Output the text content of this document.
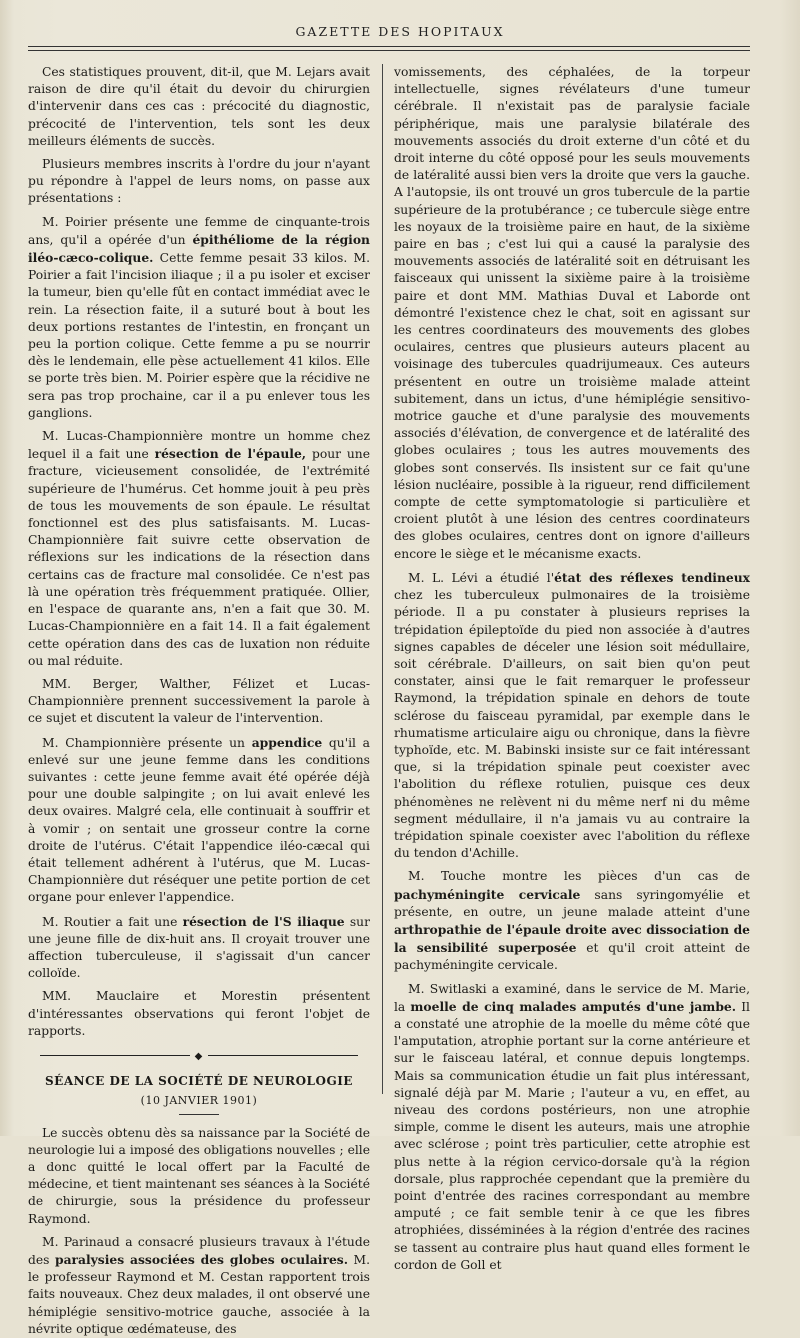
GAZETTE DES HOPITAUX

Ces statistiques prouvent, dit-il, que M. Lejars avait raison de dire qu'il était du devoir du chirurgien d'intervenir dans ces cas : précocité du diagnostic, précocité de l'intervention, tels sont les deux meilleurs éléments de succès.

Plusieurs membres inscrits à l'ordre du jour n'ayant pu répondre à l'appel de leurs noms, on passe aux présentations :

M. Poirier présente une femme de cinquante-trois ans, qu'il a opérée d'un épithéliome de la région iléo-cæco-colique. Cette femme pesait 33 kilos. M. Poirier a fait l'incision iliaque ; il a pu isoler et exciser la tumeur, bien qu'elle fût en contact immédiat avec le rein. La résection faite, il a suturé bout à bout les deux portions restantes de l'intestin, en fronçant un peu la portion colique. Cette femme a pu se nourrir dès le lendemain, elle pèse actuellement 41 kilos. Elle se porte très bien. M. Poirier espère que la récidive ne sera pas trop prochaine, car il a pu enlever tous les ganglions.

M. Lucas-Championnière montre un homme chez lequel il a fait une résection de l'épaule, pour une fracture, vicieusement consolidée, de l'extrémité supérieure de l'humérus. Cet homme jouit à peu près de tous les mouvements de son épaule. Le résultat fonctionnel est des plus satisfaisants. M. Lucas-Championnière fait suivre cette observation de réflexions sur les indications de la résection dans certains cas de fracture mal consolidée. Ce n'est pas là une opération très fréquemment pratiquée. Ollier, en l'espace de quarante ans, n'en a fait que 30. M. Lucas-Championnière en a fait 14. Il a fait également cette opération dans des cas de luxation non réduite ou mal réduite.

MM. Berger, Walther, Félizet et Lucas-Championnière prennent successivement la parole à ce sujet et discutent la valeur de l'intervention.

M. Championnière présente un appendice qu'il a enlevé sur une jeune femme dans les conditions suivantes : cette jeune femme avait été opérée déjà pour une double salpingite ; on lui avait enlevé les deux ovaires. Malgré cela, elle continuait à souffrir et à vomir ; on sentait une grosseur contre la corne droite de l'utérus. C'était l'appendice iléo-cæcal qui était tellement adhérent à l'utérus, que M. Lucas-Championnière dut réséquer une petite portion de cet organe pour enlever l'appendice.

M. Routier a fait une résection de l'S iliaque sur une jeune fille de dix-huit ans. Il croyait trouver une affection tuberculeuse, il s'agissait d'un cancer colloïde.

MM. Mauclaire et Morestin présentent d'intéressantes observations qui feront l'objet de rapports.

◆
SÉANCE DE LA SOCIÉTÉ DE NEUROLOGIE
(10 JANVIER 1901)

Le succès obtenu dès sa naissance par la Société de neurologie lui a imposé des obligations nouvelles ; elle a donc quitté le local offert par la Faculté de médecine, et tient maintenant ses séances à la Société de chirurgie, sous la présidence du professeur Raymond.

M. Parinaud a consacré plusieurs travaux à l'étude des paralysies associées des globes oculaires. M. le professeur Raymond et M. Cestan rapportent trois faits nouveaux. Chez deux malades, il ont observé une hémiplégie sensitivo-motrice gauche, associée à la névrite optique œdémateuse, des

vomissements, des céphalées, de la torpeur intellectuelle, signes révélateurs d'une tumeur cérébrale. Il n'existait pas de paralysie faciale périphérique, mais une paralysie bilatérale des mouvements associés du droit externe d'un côté et du droit interne du côté opposé pour les seuls mouvements de latéralité aussi bien vers la droite que vers la gauche. A l'autopsie, ils ont trouvé un gros tubercule de la partie supérieure de la protubérance ; ce tubercule siège entre les noyaux de la troisième paire en haut, de la sixième paire en bas ; c'est lui qui a causé la paralysie des mouvements associés de latéralité soit en détruisant les faisceaux qui unissent la sixième paire à la troisième paire et dont MM. Mathias Duval et Laborde ont démontré l'existence chez le chat, soit en agissant sur les centres coordinateurs des mouvements des globes oculaires, centres que plusieurs auteurs placent au voisinage des tubercules quadrijumeaux. Ces auteurs présentent en outre un troisième malade atteint subitement, dans un ictus, d'une hémiplégie sensitivo-motrice gauche et d'une paralysie des mouvements associés d'élévation, de convergence et de latéralité des globes oculaires ; tous les autres mouvements des globes sont conservés. Ils insistent sur ce fait qu'une lésion nucléaire, possible à la rigueur, rend difficilement compte de cette symptomatologie si particulière et croient plutôt à une lésion des centres coordinateurs des globes oculaires, centres dont on ignore d'ailleurs encore le siège et le mécanisme exacts.

M. L. Lévi a étudié l'état des réflexes tendineux chez les tuberculeux pulmonaires de la troisième période. Il a pu constater à plusieurs reprises la trépidation épileptoïde du pied non associée à d'autres signes capables de déceler une lésion soit médullaire, soit cérébrale. D'ailleurs, on sait bien qu'on peut constater, ainsi que le fait remarquer le professeur Raymond, la trépidation spinale en dehors de toute sclérose du faisceau pyramidal, par exemple dans le rhumatisme articulaire aigu ou chronique, dans la fièvre typhoïde, etc. M. Babinski insiste sur ce fait intéressant que, si la trépidation spinale peut coexister avec l'abolition du réflexe rotulien, puisque ces deux phénomènes ne relèvent ni du même nerf ni du même segment médullaire, il n'a jamais vu au contraire la trépidation spinale coexister avec l'abolition du réflexe du tendon d'Achille.

M. Touche montre les pièces d'un cas de pachyméningite cervicale sans syringomyélie et présente, en outre, un jeune malade atteint d'une arthropathie de l'épaule droite avec dissociation de la sensibilité superposée et qu'il croit atteint de pachyméningite cervicale.

M. Switlaski a examiné, dans le service de M. Marie, la moelle de cinq malades amputés d'une jambe. Il a constaté une atrophie de la moelle du même côté que l'amputation, atrophie portant sur la corne antérieure et sur le faisceau latéral, et connue depuis longtemps. Mais sa communication étudie un fait plus intéressant, signalé déjà par M. Marie ; l'auteur a vu, en effet, au niveau des cordons postérieurs, non une atrophie simple, comme le disent les auteurs, mais une atrophie avec sclérose ; point très particulier, cette atrophie est plus nette à la région cervico-dorsale qu'à la région dorsale, plus rapprochée cependant que la première du point d'entrée des racines correspondant au membre amputé ; ce fait semble tenir à ce que les fibres atrophiées, disséminées à la région d'entrée des racines se tassent au contraire plus haut quand elles forment le cordon de Goll et
